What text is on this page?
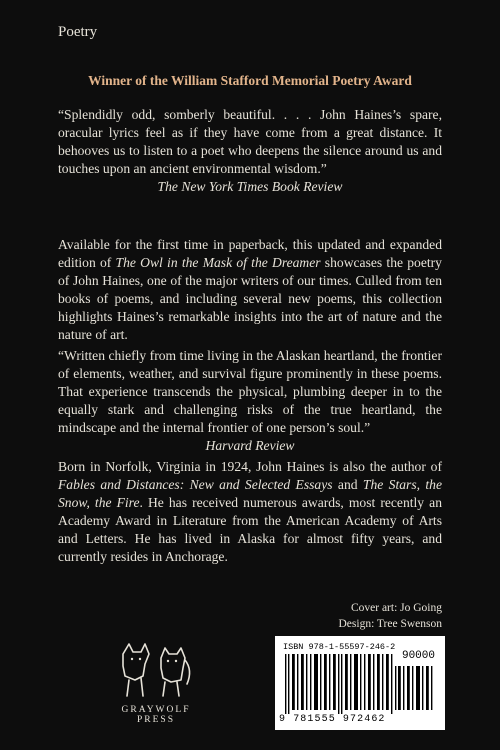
Poetry
Winner of the William Stafford Memorial Poetry Award
“Splendidly odd, somberly beautiful. . . . John Haines’s spare, oracular lyrics feel as if they have come from a great distance. It behooves us to listen to a poet who deepens the silence around us and touches upon an ancient environmental wisdom.”
The New York Times Book Review
Available for the first time in paperback, this updated and expanded edition of The Owl in the Mask of the Dreamer showcases the poetry of John Haines, one of the major writers of our times. Culled from ten books of poems, and including several new poems, this collection highlights Haines’s remarkable insights into the art of nature and the nature of art.
“Written chiefly from time living in the Alaskan heartland, the frontier of elements, weather, and survival figure prominently in these poems. That experience transcends the physical, plumbing deeper in to the equally stark and challenging risks of the true heartland, the mindscape and the internal frontier of one person’s soul.”
Harvard Review
Born in Norfolk, Virginia in 1924, John Haines is also the author of Fables and Distances: New and Selected Essays and The Stars, the Snow, the Fire. He has received numerous awards, most recently an Academy Award in Literature from the American Academy of Arts and Letters. He has lived in Alaska for almost fifty years, and currently resides in Anchorage.
Cover art: Jo Going
Design: Tree Swenson
GRAYWOLF PRESS
ISBN 978-1-55597-246-2
90000
9 781555 972462
